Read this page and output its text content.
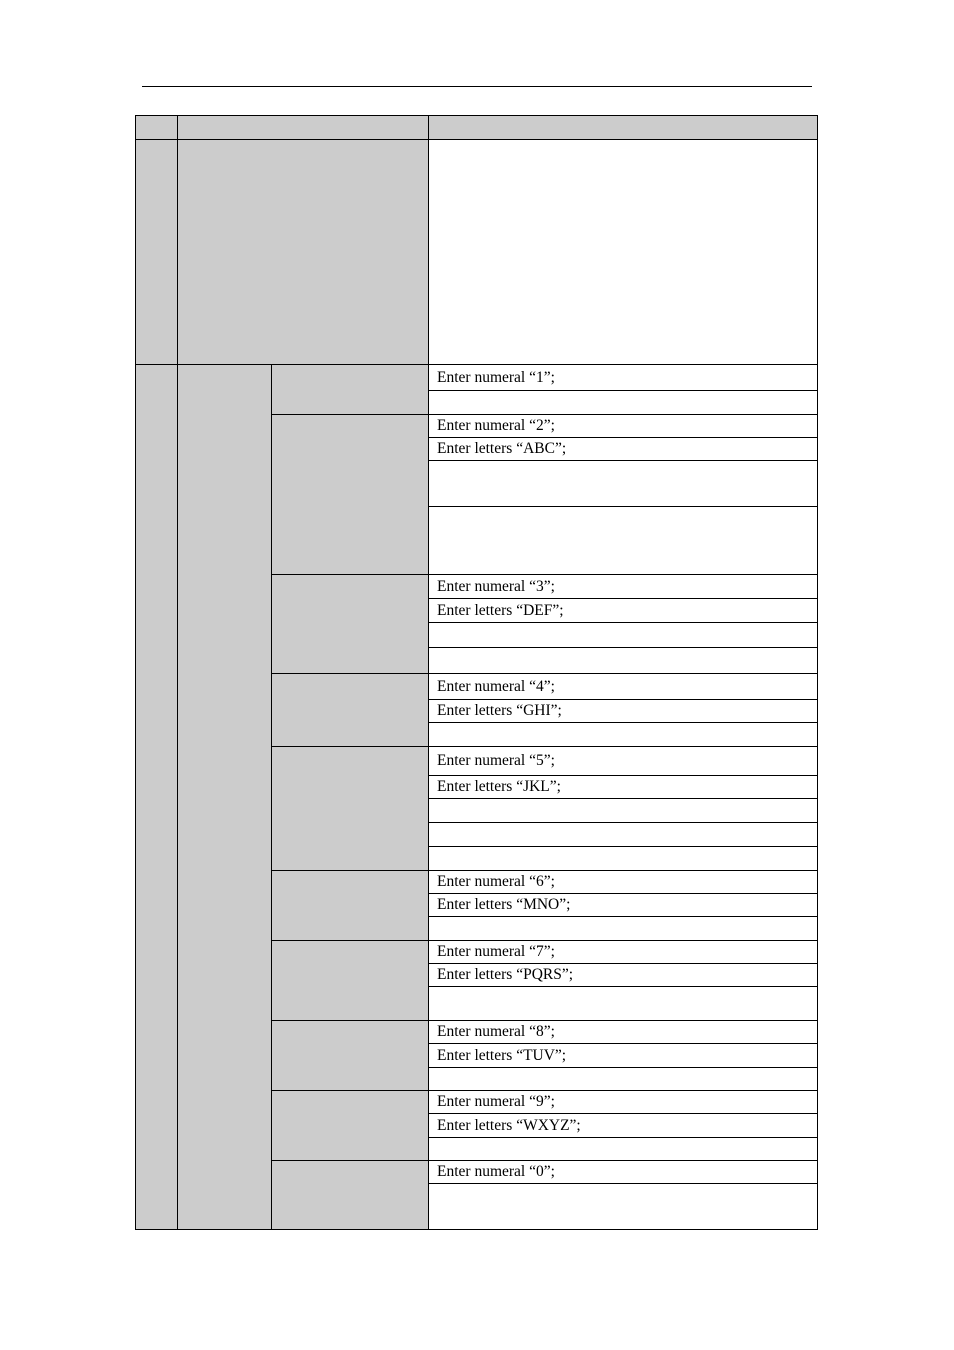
			Enter numeral “1”;

			Enter numeral “2”;
			Enter letters “ABC”;

			Enter numeral “3”;
			Enter letters “DEF”;

			Enter numeral “4”;
			Enter letters “GHI”;

			Enter numeral “5”;
			Enter letters “JKL”;

			Enter numeral “6”;
			Enter letters “MNO”;

			Enter numeral “7”;
			Enter letters “PQRS”;

			Enter numeral “8”;
			Enter letters “TUV”;

			Enter numeral “9”;
			Enter letters “WXYZ”;

			Enter numeral “0”;
